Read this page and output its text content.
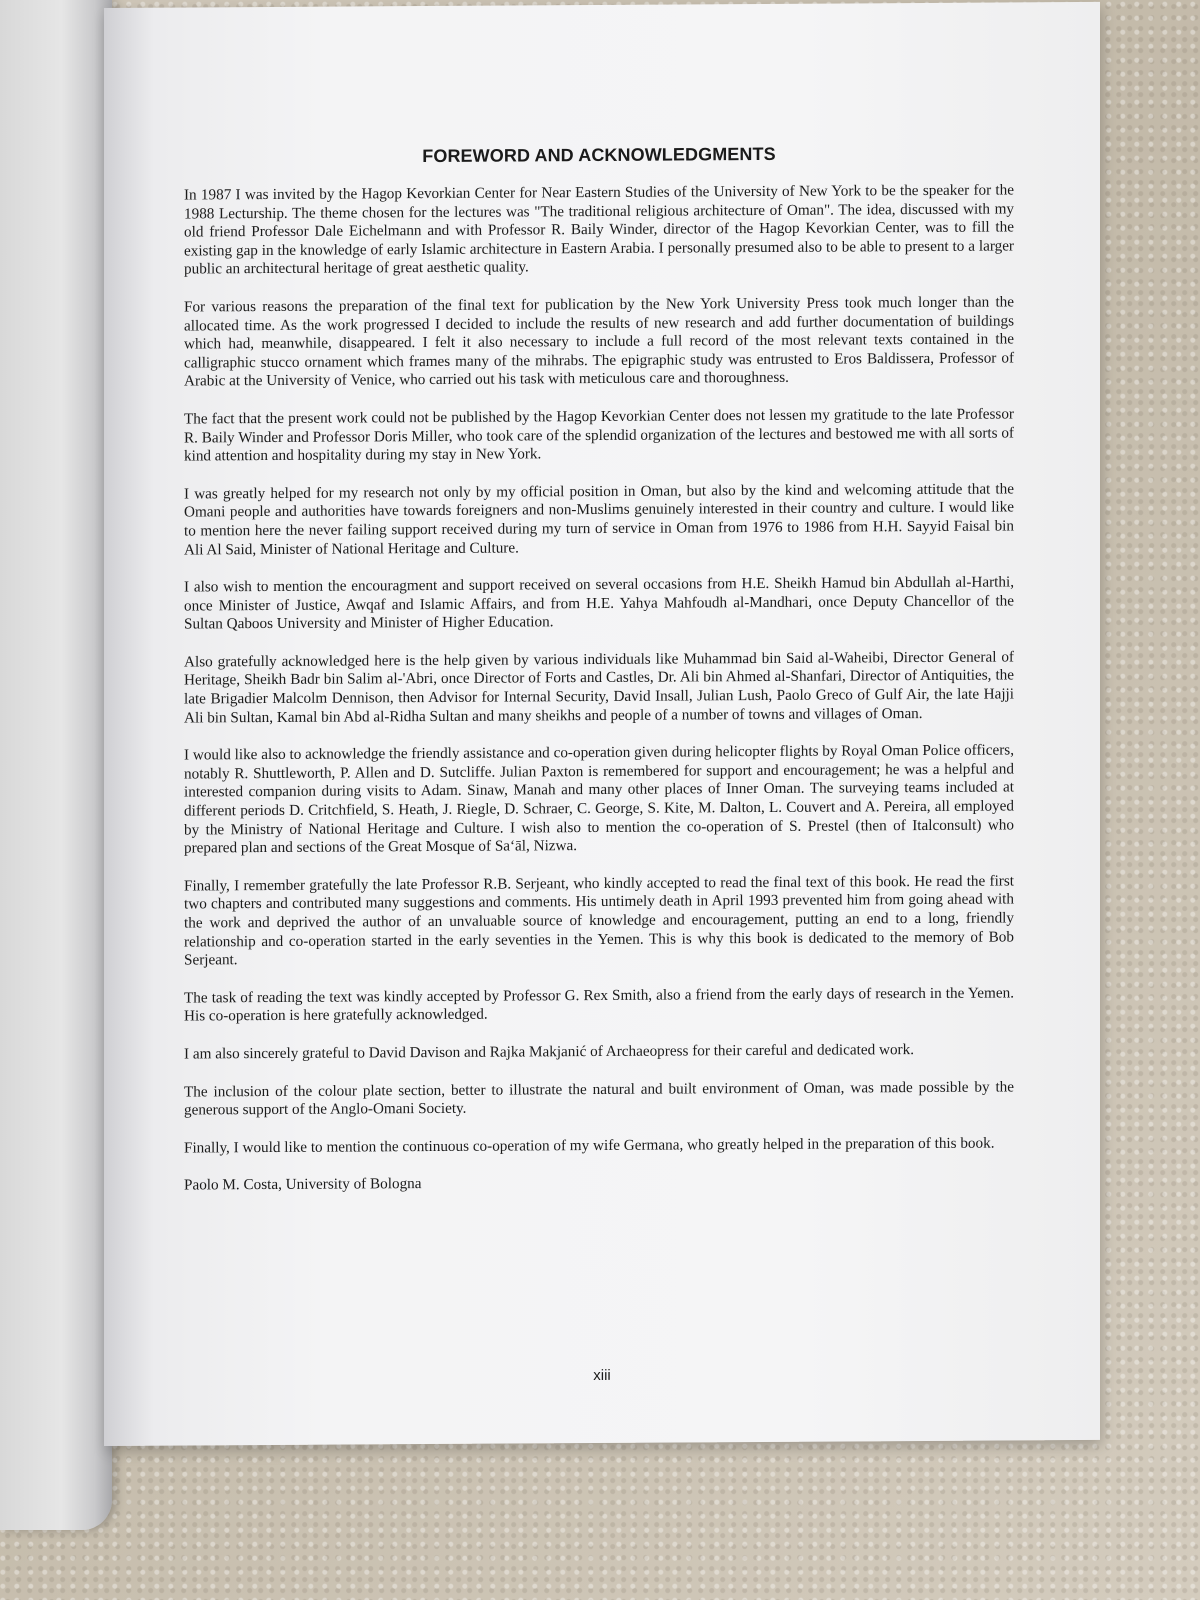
FOREWORD AND ACKNOWLEDGMENTS

In 1987 I was invited by the Hagop Kevorkian Center for Near Eastern Studies of the University of New York to be the speaker for the 1988 Lecturship. The theme chosen for the lectures was "The traditional religious architecture of Oman". The idea, discussed with my old friend Professor Dale Eichelmann and with Professor R. Baily Winder, director of the Hagop Kevorkian Center, was to fill the existing gap in the knowledge of early Islamic architecture in Eastern Arabia. I personally presumed also to be able to present to a larger public an architectural heritage of great aesthetic quality.

For various reasons the preparation of the final text for publication by the New York University Press took much longer than the allocated time. As the work progressed I decided to include the results of new research and add further documentation of buildings which had, meanwhile, disappeared. I felt it also necessary to include a full record of the most relevant texts contained in the calligraphic stucco ornament which frames many of the mihrabs. The epigraphic study was entrusted to Eros Baldissera, Professor of Arabic at the University of Venice, who carried out his task with meticulous care and thoroughness.

The fact that the present work could not be published by the Hagop Kevorkian Center does not lessen my gratitude to the late Professor R. Baily Winder and Professor Doris Miller, who took care of the splendid organization of the lectures and bestowed me with all sorts of kind attention and hospitality during my stay in New York.

I was greatly helped for my research not only by my official position in Oman, but also by the kind and welcoming attitude that the Omani people and authorities have towards foreigners and non-Muslims genuinely interested in their country and culture. I would like to mention here the never failing support received during my turn of service in Oman from 1976 to 1986 from H.H. Sayyid Faisal bin Ali Al Said, Minister of National Heritage and Culture.

I also wish to mention the encouragment and support received on several occasions from H.E. Sheikh Hamud bin Abdullah al-Harthi, once Minister of Justice, Awqaf and Islamic Affairs, and from H.E. Yahya Mahfoudh al-Mandhari, once Deputy Chancellor of the Sultan Qaboos University and Minister of Higher Education.

Also gratefully acknowledged here is the help given by various individuals like Muhammad bin Said al-Waheibi, Director General of Heritage, Sheikh Badr bin Salim al-'Abri, once Director of Forts and Castles, Dr. Ali bin Ahmed al-Shanfari, Director of Antiquities, the late Brigadier Malcolm Dennison, then Advisor for Internal Security, David Insall, Julian Lush, Paolo Greco of Gulf Air, the late Hajji Ali bin Sultan, Kamal bin Abd al-Ridha Sultan and many sheikhs and people of a number of towns and villages of Oman.

I would like also to acknowledge the friendly assistance and co-operation given during helicopter flights by Royal Oman Police officers, notably R. Shuttleworth, P. Allen and D. Sutcliffe. Julian Paxton is remembered for support and encouragement; he was a helpful and interested companion during visits to Adam. Sinaw, Manah and many other places of Inner Oman. The surveying teams included at different periods D. Critchfield, S. Heath, J. Riegle, D. Schraer, C. George, S. Kite, M. Dalton, L. Couvert and A. Pereira, all employed by the Ministry of National Heritage and Culture. I wish also to mention the co-operation of S. Prestel (then of Italconsult) who prepared plan and sections of the Great Mosque of Sa‘āl, Nizwa.

Finally, I remember gratefully the late Professor R.B. Serjeant, who kindly accepted to read the final text of this book. He read the first two chapters and contributed many suggestions and comments. His untimely death in April 1993 prevented him from going ahead with the work and deprived the author of an unvaluable source of knowledge and encouragement, putting an end to a long, friendly relationship and co-operation started in the early seventies in the Yemen. This is why this book is dedicated to the memory of Bob Serjeant.

The task of reading the text was kindly accepted by Professor G. Rex Smith, also a friend from the early days of research in the Yemen. His co-operation is here gratefully acknowledged.

I am also sincerely grateful to David Davison and Rajka Makjanić of Archaeopress for their careful and dedicated work.

The inclusion of the colour plate section, better to illustrate the natural and built environment of Oman, was made possible by the generous support of the Anglo-Omani Society.

Finally, I would like to mention the continuous co-operation of my wife Germana, who greatly helped in the preparation of this book.

Paolo M. Costa, University of Bologna

xiii
